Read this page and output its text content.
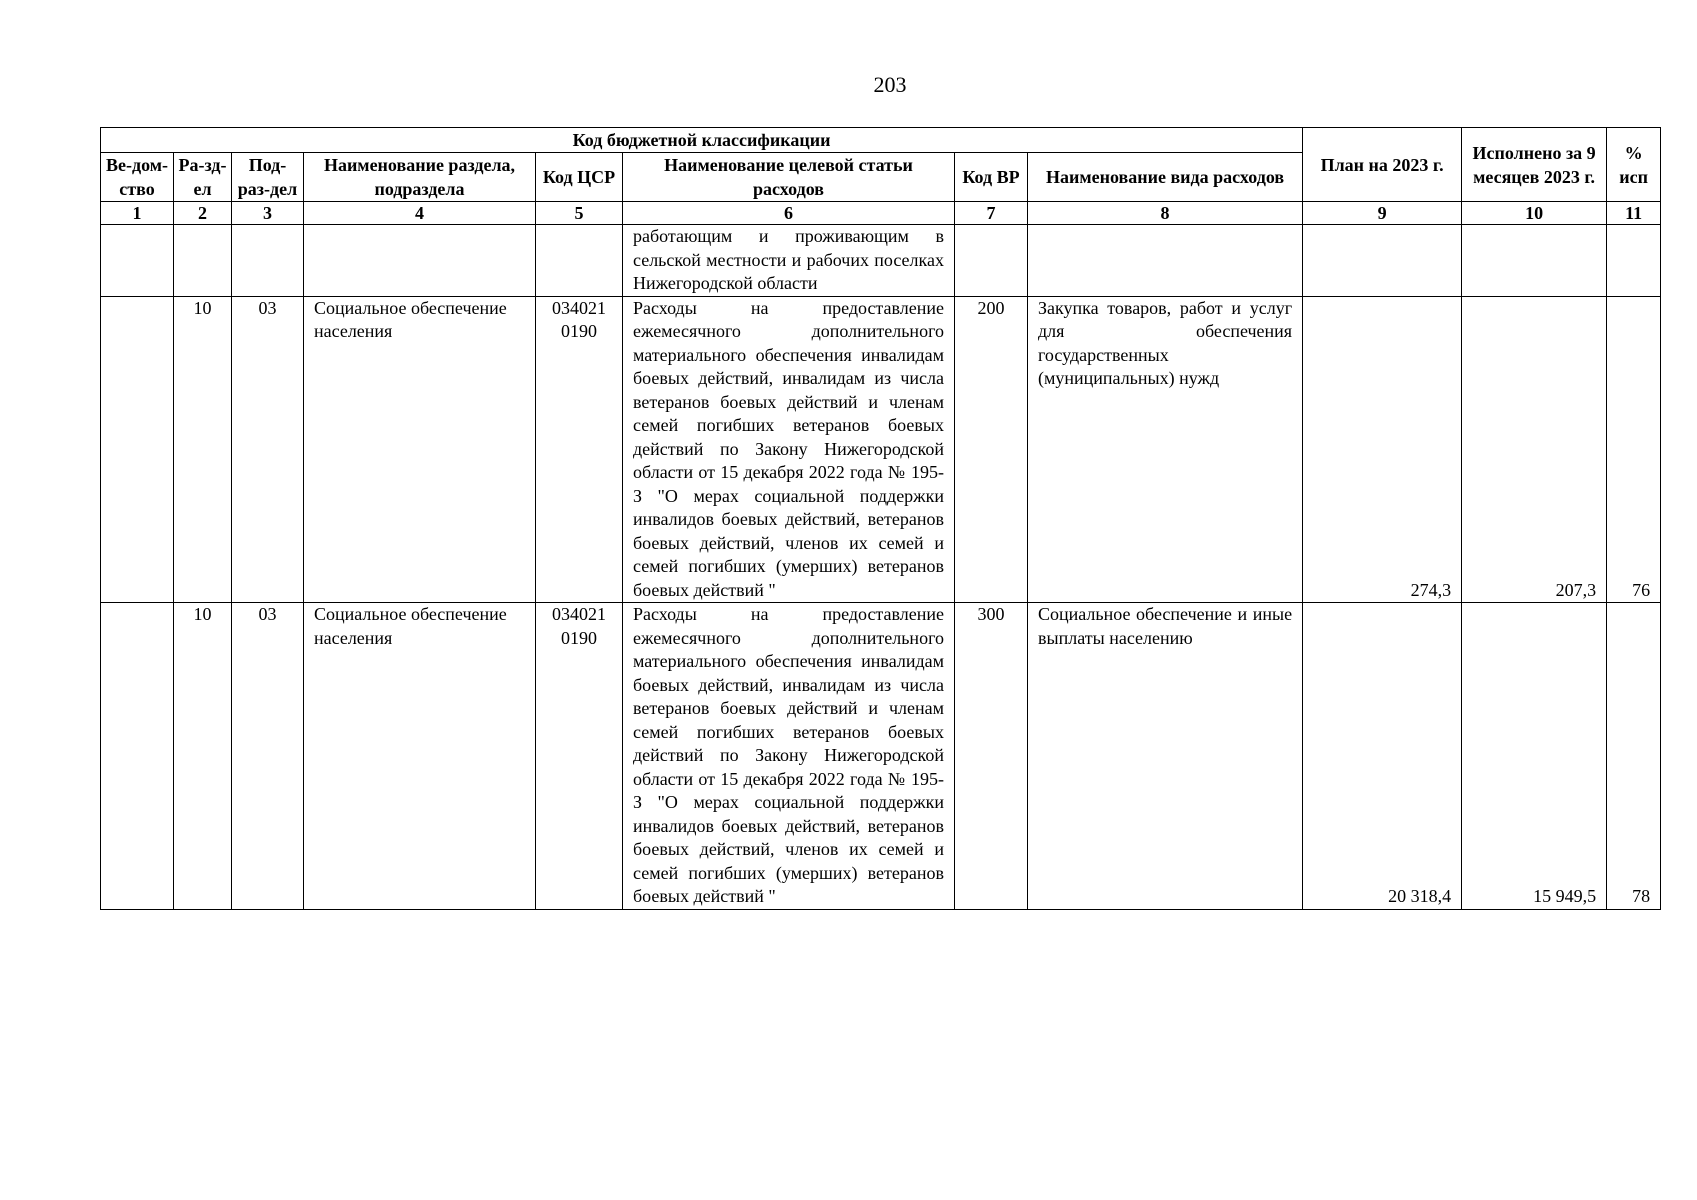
203
Код бюджетной классификации								План на 2023 г.	Исполнено за 9 месяцев 2023 г.	% исп
Ве-дом-ство	Ра-зд-ел	Под-раз-дел	Наименование раздела, подраздела	Код ЦСР	Наименование целевой статьи расходов	Код ВР	Наименование вида расходов			
1	2	3	4	5	6	7	8	9	10	11
					работающим и проживающим в сельской местности и рабочих поселках Нижегородской области					
	10	03	Социальное обеспечение населения	034021 0190	Расходы на предоставление ежемесячного дополнительного материального обеспечения инвалидам боевых действий, инвалидам из числа ветеранов боевых действий и членам семей погибших ветеранов боевых действий по Закону Нижегородской области от 15 декабря 2022 года № 195-З "О мерах социальной поддержки инвалидов боевых действий, ветеранов боевых действий, членов их семей и семей погибших (умерших) ветеранов боевых действий "	200	Закупка товаров, работ и услуг для обеспечения государственных (муниципальных) нужд	274,3	207,3	76
	10	03	Социальное обеспечение населения	034021 0190	Расходы на предоставление ежемесячного дополнительного материального обеспечения инвалидам боевых действий, инвалидам из числа ветеранов боевых действий и членам семей погибших ветеранов боевых действий по Закону Нижегородской области от 15 декабря 2022 года № 195-З "О мерах социальной поддержки инвалидов боевых действий, ветеранов боевых действий, членов их семей и семей погибших (умерших) ветеранов боевых действий "	300	Социальное обеспечение и иные выплаты населению	20 318,4	15 949,5	78
